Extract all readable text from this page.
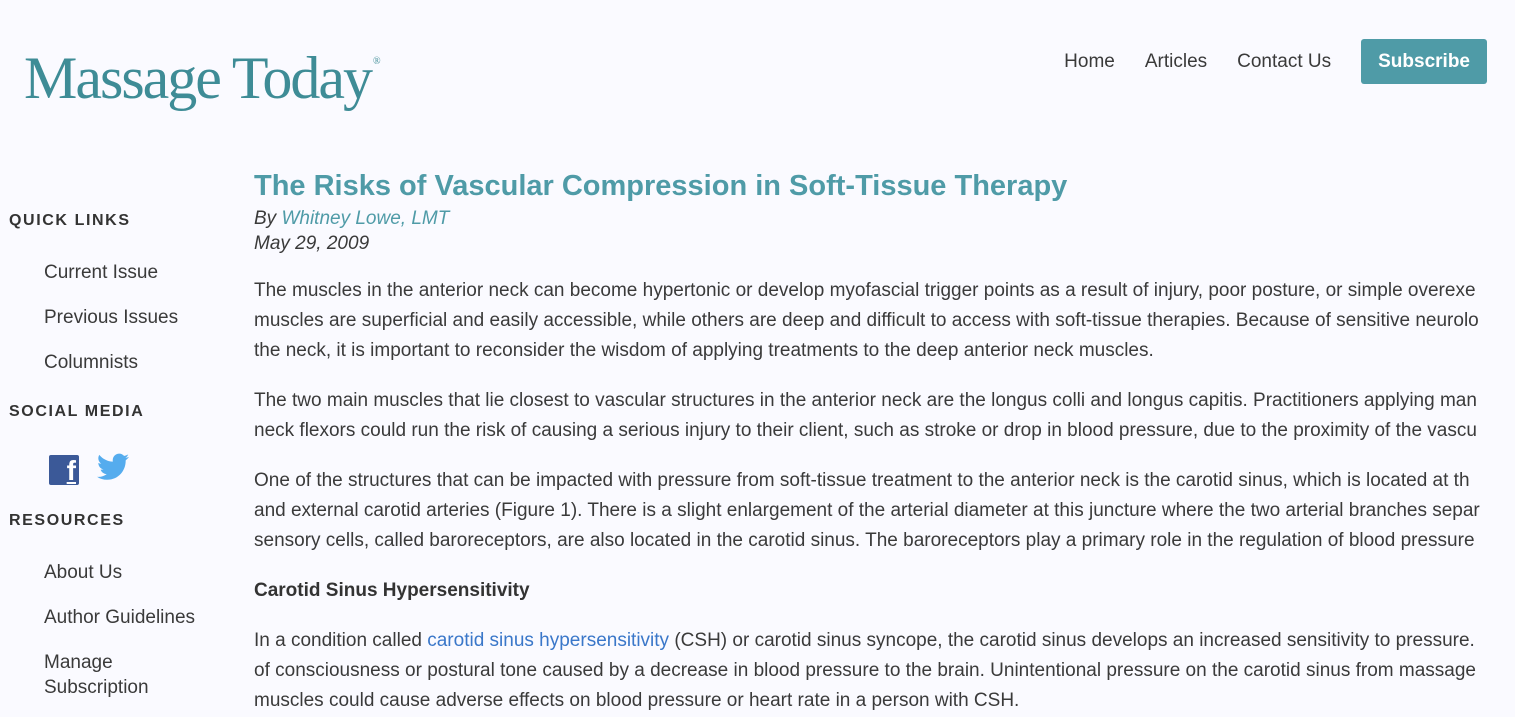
Massage Today ®	Home Articles Contact Us	Subscribe
QUICK LINKS
Current Issue
Previous Issues
Columnists
SOCIAL MEDIA
f
RESOURCES
About Us
Author Guidelines
Manage
Subscription
The Risks of Vascular Compression in Soft-Tissue Therapy
By Whitney Lowe, LMT
May 29, 2009

The muscles in the anterior neck can become hypertonic or develop myofascial trigger points as a result of injury, poor posture, or simple overexe
muscles are superficial and easily accessible, while others are deep and difficult to access with soft-tissue therapies. Because of sensitive neurolo
the neck, it is important to reconsider the wisdom of applying treatments to the deep anterior neck muscles.

The two main muscles that lie closest to vascular structures in the anterior neck are the longus colli and longus capitis. Practitioners applying man
neck flexors could run the risk of causing a serious injury to their client, such as stroke or drop in blood pressure, due to the proximity of the vascu

One of the structures that can be impacted with pressure from soft-tissue treatment to the anterior neck is the carotid sinus, which is located at th
and external carotid arteries (Figure 1). There is a slight enlargement of the arterial diameter at this juncture where the two arterial branches separ
sensory cells, called baroreceptors, are also located in the carotid sinus. The baroreceptors play a primary role in the regulation of blood pressure

Carotid Sinus Hypersensitivity

In a condition called carotid sinus hypersensitivity (CSH) or carotid sinus syncope, the carotid sinus develops an increased sensitivity to pressure.
of consciousness or postural tone caused by a decrease in blood pressure to the brain. Unintentional pressure on the carotid sinus from massage
muscles could cause adverse effects on blood pressure or heart rate in a person with CSH.
